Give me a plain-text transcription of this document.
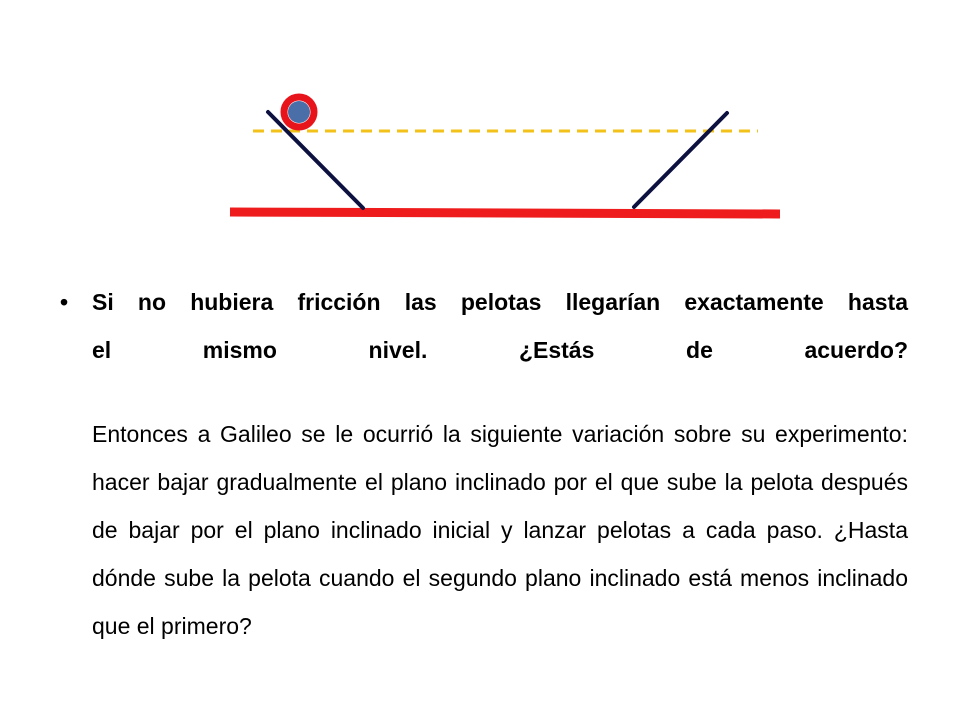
• Si no hubiera fricción las pelotas llegarían exactamente hasta
el mismo nivel. ¿Estás de acuerdo?
Entonces a Galileo se le ocurrió la siguiente variación sobre su experimento: hacer bajar gradualmente el plano inclinado por el que sube la pelota después de bajar por el plano inclinado inicial y lanzar pelotas a cada paso. ¿Hasta dónde sube la pelota cuando el segundo plano inclinado está menos inclinado que el primero?
